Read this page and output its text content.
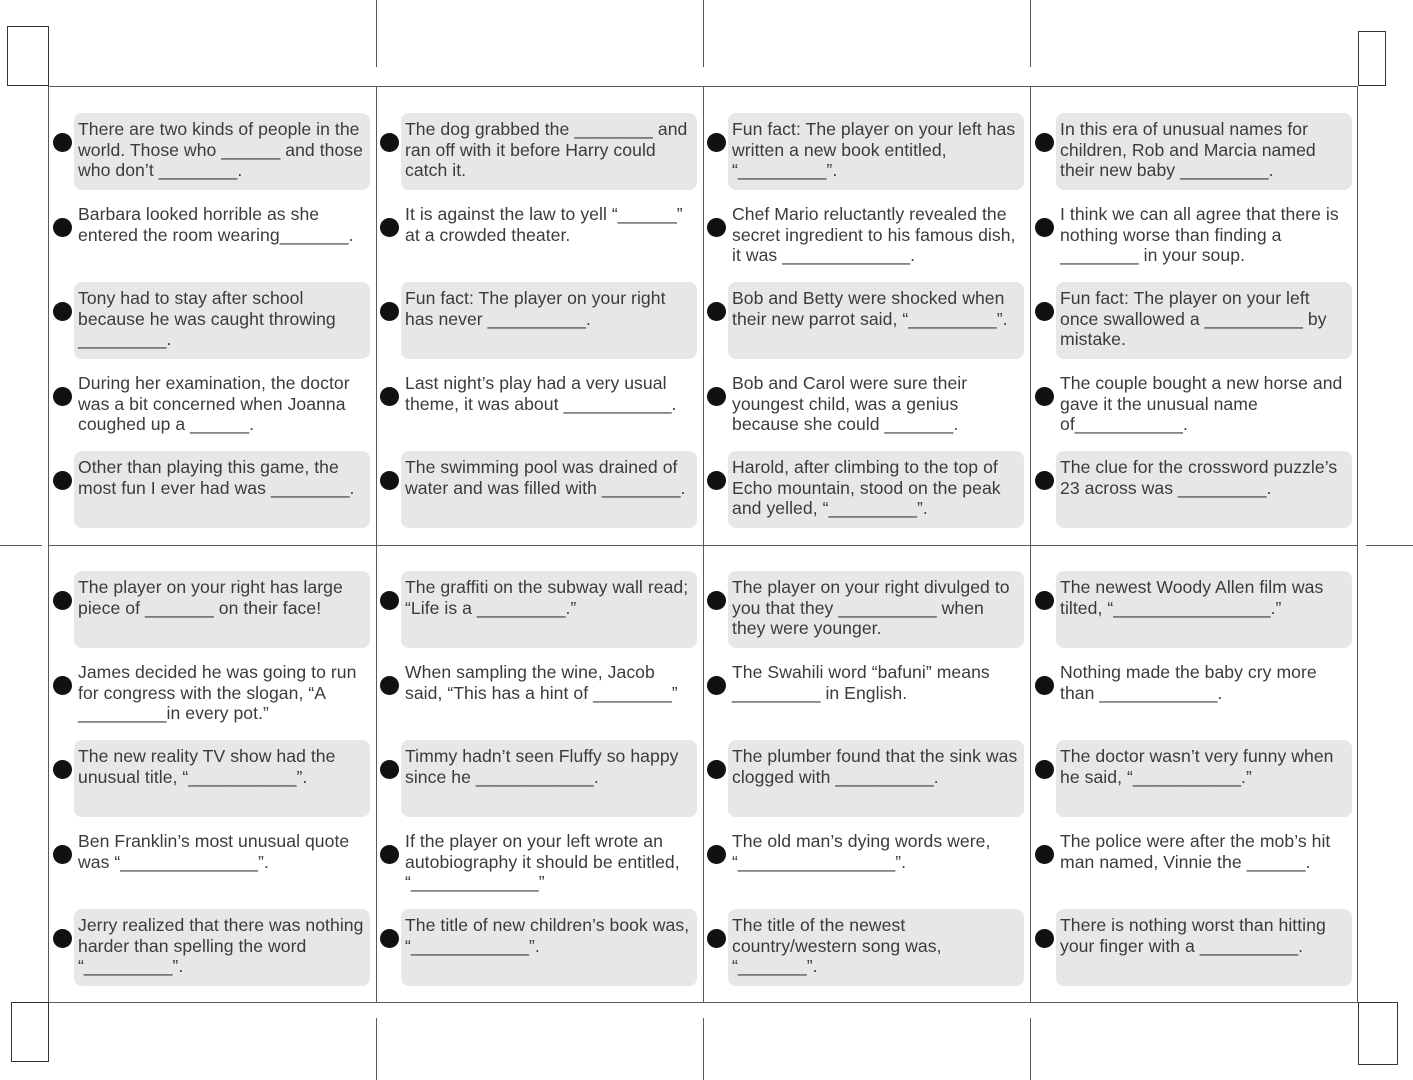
There are two kinds of people in the world. Those who ______ and those who don’t ________.
Barbara looked horrible as she entered the room wearing_______.
Tony had to stay after school because he was caught throwing _________.
During her examination, the doctor was a bit concerned when Joanna coughed up a ______.
Other than playing this game, the most fun I ever had was ________.
The player on your right has large piece of _______ on their face!
James decided he was going to run for congress with the slogan, “A _________in every pot.”
The new reality TV show had the unusual title, “___________”.
Ben Franklin’s most unusual quote was “______________”.
Jerry realized that there was nothing harder than spelling the word “_________”.
The dog grabbed the ________ and ran off with it before Harry could catch it.
It is against the law to yell “______” at a crowded theater.
Fun fact: The player on your right has never __________.
Last night’s play had a very usual theme, it was about ___________.
The swimming pool was drained of water and was filled with ________.
The graffiti on the subway wall read; “Life is a _________.”
When sampling the wine, Jacob said, “This has a hint of ________”
Timmy hadn’t seen Fluffy so happy since he ____________.
If the player on your left wrote an autobiography it should be entitled, “_____________”
The title of new children’s book was, “____________”.
Fun fact: The player on your left has written a new book entitled, “_________”.
Chef Mario reluctantly revealed the secret ingredient to his famous dish, it was _____________.
Bob and Betty were shocked when their new parrot said, “_________”.
Bob and Carol were sure their youngest child, was a genius because she could _______.
Harold, after climbing to the top of Echo mountain, stood on the peak and yelled, “_________”.
The player on your right divulged to you that they __________ when they were younger.
The Swahili word “bafuni” means _________ in English.
The plumber found that the sink was clogged with __________.
The old man’s dying words were, “________________”.
The title of the newest country/western song was, “_______”.
In this era of unusual names for children, Rob and Marcia named their new baby _________.
I think we can all agree that there is nothing worse than finding a ________ in your soup.
Fun fact: The player on your left once swallowed a __________ by mistake.
The couple bought a new horse and gave it the unusual name of___________.
The clue for the crossword puzzle’s 23 across was _________.
The newest Woody Allen film was tilted, “________________.”
Nothing made the baby cry more than ____________.
The doctor wasn’t very funny when he said, “___________.”
The police were after the mob’s hit man named, Vinnie the ______.
There is nothing worst than hitting your finger with a __________.
